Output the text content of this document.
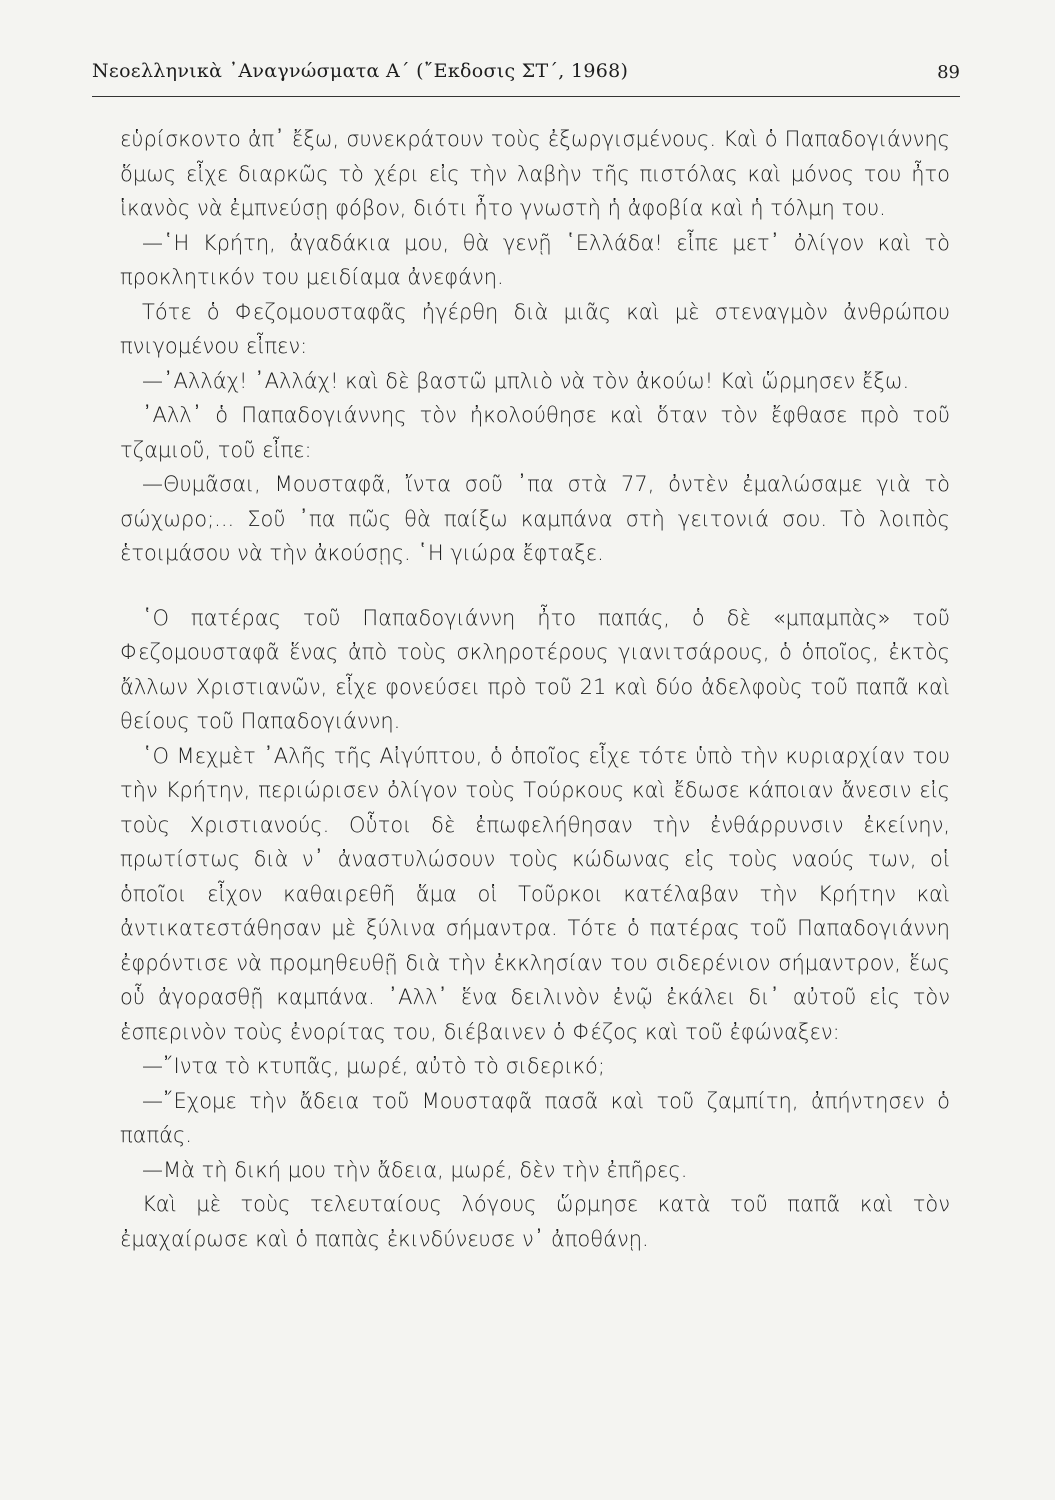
Νεοελληνικὰ ᾿Αναγνώσματα Α΄ (῎Εκδοσις ΣΤ΄, 1968)	89

εὑρίσκοντο ἀπ᾿ ἔξω, συνεκράτουν τοὺς ἐξωργισμένους. Καὶ ὁ Παπαδογιάννης ὅμως εἶχε διαρκῶς τὸ χέρι εἰς τὴν λαβὴν τῆς πιστόλας καὶ μόνος του ἦτο ἱκανὸς νὰ ἐμπνεύσῃ φόβον, διότι ἦτο γνωστὴ ἡ ἀφοβία καὶ ἡ τόλμη του.

—῾Η Κρήτη, ἀγαδάκια μου, θὰ γενῇ ῾Ελλάδα! εἶπε μετ᾿ ὀλίγον καὶ τὸ προκλητικόν του μειδίαμα ἀνεφάνη.

Τότε ὁ Φεζομουσταφᾶς ἠγέρθη διὰ μιᾶς καὶ μὲ στεναγμὸν ἀνθρώπου πνιγομένου εἶπεν:

—᾿Αλλάχ! ᾿Αλλάχ! καὶ δὲ βαστῶ μπλιὸ νὰ τὸν ἀκούω! Καὶ ὥρμησεν ἔξω.

᾿Αλλ᾿ ὁ Παπαδογιάννης τὸν ἠκολούθησε καὶ ὅταν τὸν ἔφθασε πρὸ τοῦ τζαμιοῦ, τοῦ εἶπε:

—Θυμᾶσαι, Μουσταφᾶ, ἴντα σοῦ ᾿πα στὰ 77, ὀντὲν ἐμαλώσαμε γιὰ τὸ σώχωρο;... Σοῦ ᾿πα πῶς θὰ παίξω καμπάνα στὴ γειτονιά σου. Τὸ λοιπὸς ἑτοιμάσου νὰ τὴν ἀκούσῃς. ῾Η γιώρα ἔφταξε.

῾Ο πατέρας τοῦ Παπαδογιάννη ἦτο παπάς, ὁ δὲ «μπαμπὰς» τοῦ Φεζομουσταφᾶ ἕνας ἀπὸ τοὺς σκληροτέρους γιανιτσάρους, ὁ ὁποῖος, ἐκτὸς ἄλλων Χριστιανῶν, εἶχε φονεύσει πρὸ τοῦ 21 καὶ δύο ἀδελφοὺς τοῦ παπᾶ καὶ θείους τοῦ Παπαδογιάννη.

῾Ο Μεχμὲτ ᾿Αλῆς τῆς Αἰγύπτου, ὁ ὁποῖος εἶχε τότε ὑπὸ τὴν κυριαρχίαν του τὴν Κρήτην, περιώρισεν ὀλίγον τοὺς Τούρκους καὶ ἔδωσε κάποιαν ἄνεσιν εἰς τοὺς Χριστιανούς. Οὗτοι δὲ ἐπωφελήθησαν τὴν ἐνθάρρυνσιν ἐκείνην, πρωτίστως διὰ ν᾿ ἀναστυλώσουν τοὺς κώδωνας εἰς τοὺς ναούς των, οἱ ὁποῖοι εἶχον καθαιρεθῆ ἅμα οἱ Τοῦρκοι κατέλαβαν τὴν Κρήτην καὶ ἀντικατεστάθησαν μὲ ξύλινα σήμαντρα. Τότε ὁ πατέρας τοῦ Παπαδογιάννη ἐφρόντισε νὰ προμηθευθῇ διὰ τὴν ἐκκλησίαν του σιδερένιον σήμαντρον, ἕως οὗ ἀγορασθῇ καμπάνα. ᾿Αλλ᾿ ἕνα δειλινὸν ἐνῷ ἐκάλει δι᾿ αὐτοῦ εἰς τὸν ἑσπερινὸν τοὺς ἐνορίτας του, διέβαινεν ὁ Φέζος καὶ τοῦ ἐφώναξεν:

—῎Ιντα τὸ κτυπᾶς, μωρέ, αὐτὸ τὸ σιδερικό;

—῎Εχομε τὴν ἄδεια τοῦ Μουσταφᾶ πασᾶ καὶ τοῦ ζαμπίτη, ἀπήντησεν ὁ παπάς.

—Μὰ τὴ δική μου τὴν ἄδεια, μωρέ, δὲν τὴν ἐπῆρες.

Καὶ μὲ τοὺς τελευταίους λόγους ὥρμησε κατὰ τοῦ παπᾶ καὶ τὸν ἐμαχαίρωσε καὶ ὁ παπὰς ἐκινδύνευσε ν᾿ ἀποθάνῃ.
